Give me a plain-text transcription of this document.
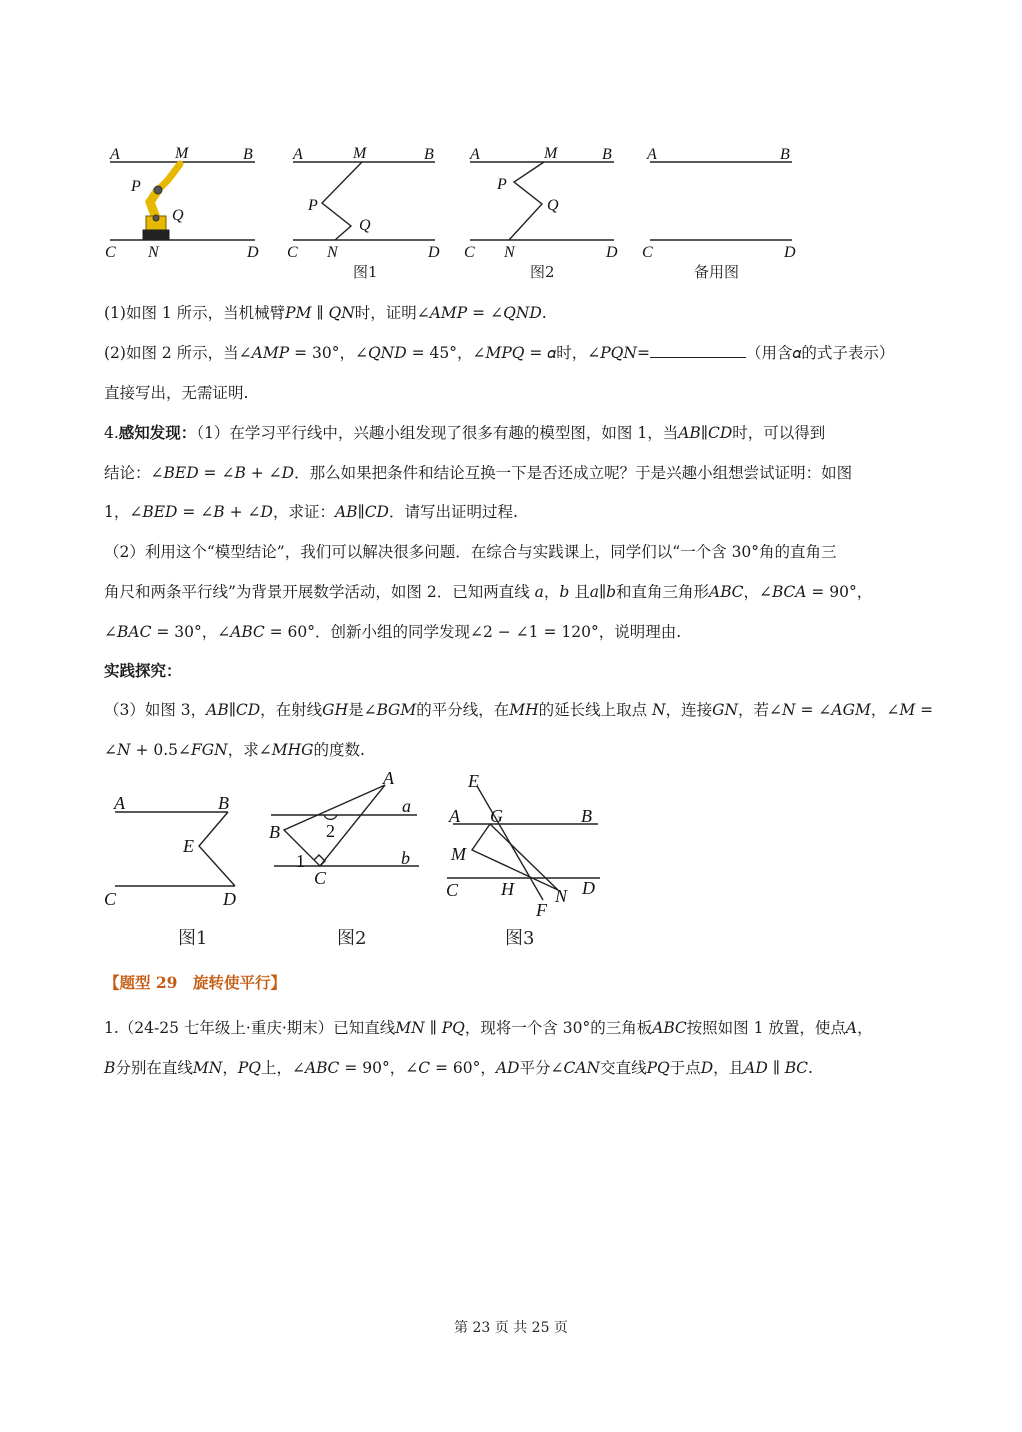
A	M	B
P
Q
C N	D
A	M	B
P
Q
C N	D
图1
A	M	B
P
Q
C N	D
图2
A	B
C	D
备用图
(1)如图 1 所示，当机械臂𝑃𝑀 ∥ 𝑄𝑁时，证明∠𝐴𝑀𝑃 = ∠𝑄𝑁𝐷.
(2)如图 2 所示，当∠𝐴𝑀𝑃 = 30°，∠𝑄𝑁𝐷 = 45°，∠𝑀𝑃𝑄 = 𝛼时，∠𝑃𝑄𝑁=	（用含𝛼的式子表示）
直接写出，无需证明.
4.感知发现：（1）在学习平行线中，兴趣小组发现了很多有趣的模型图，如图 1，当𝐴𝐵∥𝐶𝐷时，可以得到
结论：∠𝐵𝐸𝐷 = ∠𝐵 + ∠𝐷．那么如果把条件和结论互换一下是否还成立呢？于是兴趣小组想尝试证明：如图
1，∠𝐵𝐸𝐷 = ∠𝐵 + ∠𝐷，求证：𝐴𝐵∥𝐶𝐷．请写出证明过程.
（2）利用这个“模型结论”，我们可以解决很多问题．在综合与实践课上，同学们以“一个含 30°角的直角三
角尺和两条平行线”为背景开展数学活动，如图 2．已知两直线 𝑎，𝑏 且𝑎∥𝑏和直角三角形𝐴𝐵𝐶，∠𝐵𝐶𝐴 = 90°，
∠𝐵𝐴𝐶 = 30°，∠𝐴𝐵𝐶 = 60°．创新小组的同学发现∠2 − ∠1 = 120°，说明理由.
实践探究：
（3）如图 3，𝐴𝐵∥𝐶𝐷，在射线𝐺𝐻是∠𝐵𝐺𝑀的平分线，在𝑀𝐻的延长线上取点 𝑁，连接𝐺𝑁，若∠𝑁 = ∠𝐴𝐺𝑀，∠𝑀 =
∠𝑁 + 0.5∠𝐹𝐺𝑁，求∠𝑀𝐻𝐺的度数.
A	B
E
C	D
图1
A
a
B	2
1	b
C
图2
E
A G	B
M
C H	D
N
F
图3
【题型 29　旋转使平行】
1.（24-25 七年级上·重庆·期末）已知直线𝑀𝑁 ∥ 𝑃𝑄，现将一个含 30°的三角板𝐴𝐵𝐶按照如图 1 放置，使点𝐴，
𝐵分别在直线𝑀𝑁，𝑃𝑄上，∠𝐴𝐵𝐶 = 90°，∠𝐶 = 60°，𝐴𝐷平分∠𝐶𝐴𝑁交直线𝑃𝑄于点𝐷，且𝐴𝐷 ∥ 𝐵𝐶.
第 23 页 共 25 页
